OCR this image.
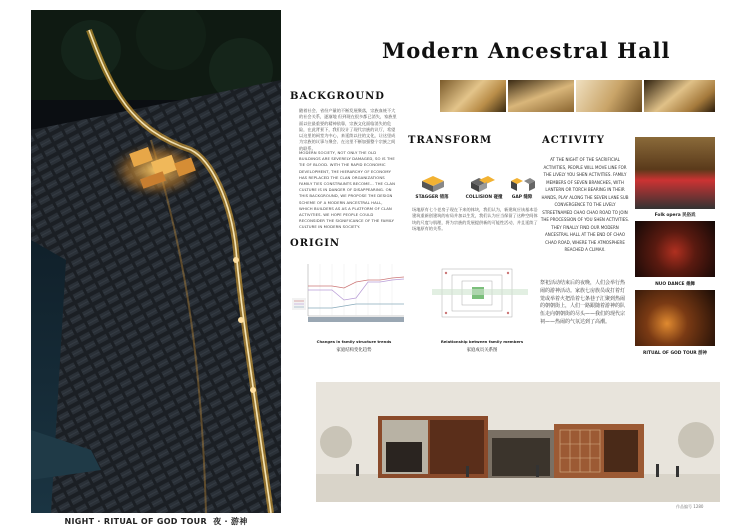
NIGHT · RITUAL OF GOD TOUR 夜 · 游神
Modern Ancestral Hall
BACKGROUND
随着社会、省份产量的不断发展聚落，宗族血统不大的社会关系，逐渐地 但到现在很多都已消失，家族里面以往最重要的精神依靠，宗族文化面临消失的危险，在此背景下，我们设计了现代宗族的议厅，希望以这里的祠堂为中心，来延续以往的文化，让这里成为宗族的议事与聚会、在这里不断加强整个宗族之间的联系。
MODERN SOCIETY, NOT ONLY THE OLD BUILDINGS ARE SEVERELY DAMAGED, SO IS THE TIE OF BLOOD. WITH THE RAPID ECONOMIC DEVELOPMENT, THE HIERARCHY OF ECONOMY HAS REPLACED THE CLAN ORGANIZATIONS FAMILY TIES CONSTRAINTS BECOME... THE CLAN CULTURE IS IN DANGER OF DISAPPEARING. ON THIS BACKGROUND, WE PROPOSE THE DESIGN SCHEME OF A MODERN ANCESTRAL HALL, WHICH BUILDERS AS AS A PLATFORM OF CLAN ACTIVITIES. WE HOPE PEOPLE COULD RECONSIDER THE SIGNIFICANCE OF THE FAMILY CULTURE IN MODERN SOCIETY.
TRANSFORM
STAGGER 错落	COLLISION 碰撞	GAP 缝隙
场地原有七个老房子现在下来的体块，我们认为，新建筑应该基本沿建筑重新创建筑的布局并加以生发，我们认为应当保留了这种空间体块的尺度与肌理，将为宗族的发展提供新的可能性活动，并且延续了场地原有的关系。
ORIGIN
Changes in family structure trends
家庭结构变化趋势
Relationship between family members
家庭成员关系图
ACTIVITY
AT THE NIGHT OF THE SACRIFICIAL ACTIVITIES, PEOPLE WILL MOVE LINE FOR THE LIVELY YOU SHEN ACTIVITIES. FAMILY MEMBERS OF SEVEN BRANCHES, WITH LANTERN OR TORCH BEARING IN THEIR HANDS, PLAY ALONG THE SEVEN LANE SUB CONVERGENCE TO THE LIVELY STREETNAMED CHAO CHAO ROAD TO JOIN THE PROCESSION OF YOU SHEN ACTIVITIES. THEY FINALLY FIND OUR MODERN ANCESTRAL HALL AT THE END OF CHAO CHAO ROAD, WHERE THE ATMOSPHERE REACHED A CLIMAX.
祭祀活动结束后的夜晚，人们会举行热闹的游神活动。家族七房族员或打着灯笼或举着火把沿着七条巷子汇聚到热闹的朝朝街上，人们一路跟随着游神的队伍走向朝朝街的尽头——我们的现代宗祠——热闹的气氛达到了高潮。
Folk opera 民俗戏
NUO DANCE 傩舞
RITUAL OF GOD TOUR 游神
作品编号 1280
